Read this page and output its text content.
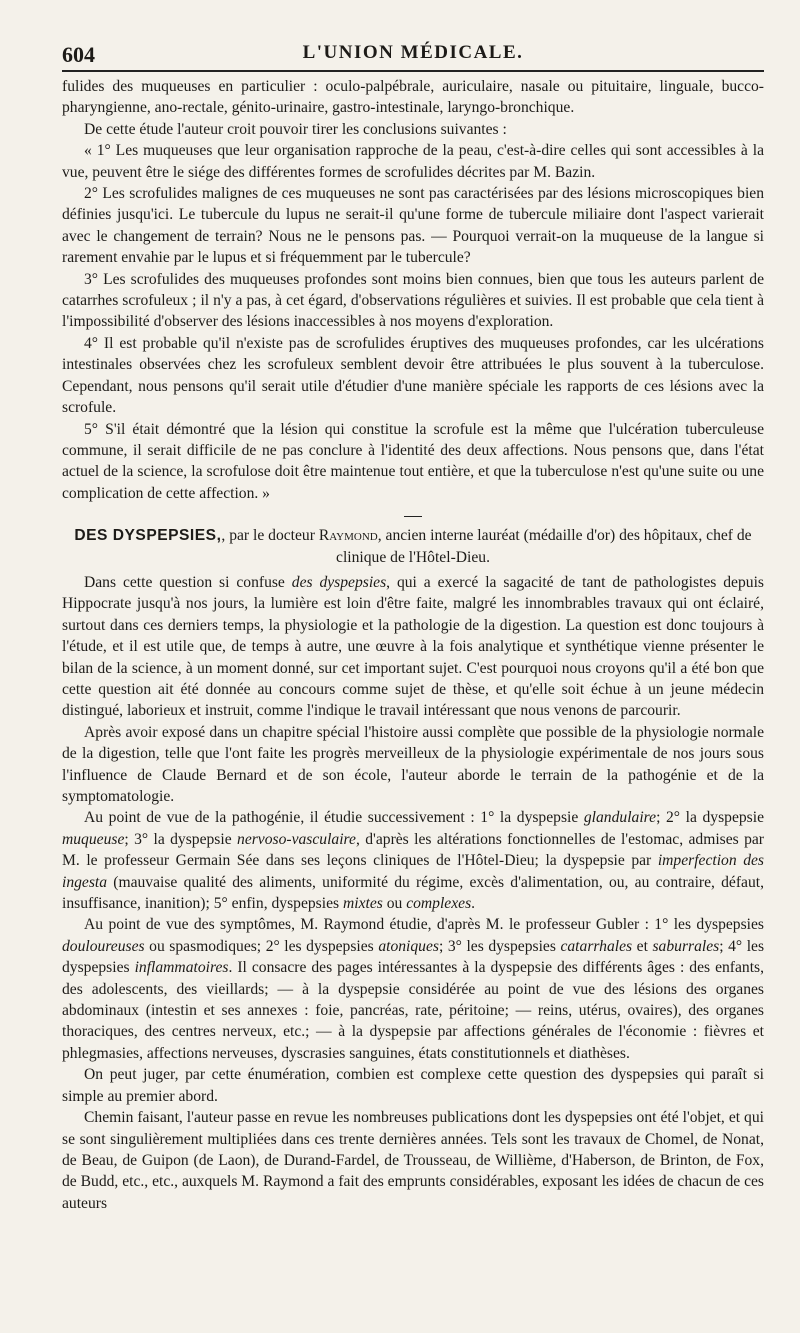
604	L'UNION MÉDICALE.

fulides des muqueuses en particulier : oculo-palpébrale, auriculaire, nasale ou pituitaire, linguale, bucco-pharyngienne, ano-rectale, génito-urinaire, gastro-intestinale, laryngo-bronchique.

De cette étude l'auteur croit pouvoir tirer les conclusions suivantes :

« 1° Les muqueuses que leur organisation rapproche de la peau, c'est-à-dire celles qui sont accessibles à la vue, peuvent être le siége des différentes formes de scrofulides décrites par M. Bazin.

2° Les scrofulides malignes de ces muqueuses ne sont pas caractérisées par des lésions microscopiques bien définies jusqu'ici. Le tubercule du lupus ne serait-il qu'une forme de tubercule miliaire dont l'aspect varierait avec le changement de terrain? Nous ne le pensons pas. — Pourquoi verrait-on la muqueuse de la langue si rarement envahie par le lupus et si fréquemment par le tubercule?

3° Les scrofulides des muqueuses profondes sont moins bien connues, bien que tous les auteurs parlent de catarrhes scrofuleux ; il n'y a pas, à cet égard, d'observations régulières et suivies. Il est probable que cela tient à l'impossibilité d'observer des lésions inaccessibles à nos moyens d'exploration.

4° Il est probable qu'il n'existe pas de scrofulides éruptives des muqueuses profondes, car les ulcérations intestinales observées chez les scrofuleux semblent devoir être attribuées le plus souvent à la tuberculose. Cependant, nous pensons qu'il serait utile d'étudier d'une manière spéciale les rapports de ces lésions avec la scrofule.

5° S'il était démontré que la lésion qui constitue la scrofule est la même que l'ulcération tuberculeuse commune, il serait difficile de ne pas conclure à l'identité des deux affections. Nous pensons que, dans l'état actuel de la science, la scrofulose doit être maintenue tout entière, et que la tuberculose n'est qu'une suite ou une complication de cette affection. »

DES DYSPEPSIES,, par le docteur Raymond, ancien interne lauréat (médaille d'or) des hôpitaux, chef de clinique de l'Hôtel-Dieu.

Dans cette question si confuse des dyspepsies, qui a exercé la sagacité de tant de pathologistes depuis Hippocrate jusqu'à nos jours, la lumière est loin d'être faite, malgré les innombrables travaux qui ont éclairé, surtout dans ces derniers temps, la physiologie et la pathologie de la digestion. La question est donc toujours à l'étude, et il est utile que, de temps à autre, une œuvre à la fois analytique et synthétique vienne présenter le bilan de la science, à un moment donné, sur cet important sujet. C'est pourquoi nous croyons qu'il a été bon que cette question ait été donnée au concours comme sujet de thèse, et qu'elle soit échue à un jeune médecin distingué, laborieux et instruit, comme l'indique le travail intéressant que nous venons de parcourir.

Après avoir exposé dans un chapitre spécial l'histoire aussi complète que possible de la physiologie normale de la digestion, telle que l'ont faite les progrès merveilleux de la physiologie expérimentale de nos jours sous l'influence de Claude Bernard et de son école, l'auteur aborde le terrain de la pathogénie et de la symptomatologie.

Au point de vue de la pathogénie, il étudie successivement : 1° la dyspepsie glandulaire; 2° la dyspepsie muqueuse; 3° la dyspepsie nervoso-vasculaire, d'après les altérations fonctionnelles de l'estomac, admises par M. le professeur Germain Sée dans ses leçons cliniques de l'Hôtel-Dieu; la dyspepsie par imperfection des ingesta (mauvaise qualité des aliments, uniformité du régime, excès d'alimentation, ou, au contraire, défaut, insuffisance, inanition); 5° enfin, dyspepsies mixtes ou complexes.

Au point de vue des symptômes, M. Raymond étudie, d'après M. le professeur Gubler : 1° les dyspepsies douloureuses ou spasmodiques; 2° les dyspepsies atoniques; 3° les dyspepsies catarrhales et saburrales; 4° les dyspepsies inflammatoires. Il consacre des pages intéressantes à la dyspepsie des différents âges : des enfants, des adolescents, des vieillards; — à la dyspepsie considérée au point de vue des lésions des organes abdominaux (intestin et ses annexes : foie, pancréas, rate, péritoine; — reins, utérus, ovaires), des organes thoraciques, des centres nerveux, etc.; — à la dyspepsie par affections générales de l'économie : fièvres et phlegmasies, affections nerveuses, dyscrasies sanguines, états constitutionnels et diathèses.

On peut juger, par cette énumération, combien est complexe cette question des dyspepsies qui paraît si simple au premier abord.

Chemin faisant, l'auteur passe en revue les nombreuses publications dont les dyspepsies ont été l'objet, et qui se sont singulièrement multipliées dans ces trente dernières années. Tels sont les travaux de Chomel, de Nonat, de Beau, de Guipon (de Laon), de Durand-Fardel, de Trousseau, de Willième, d'Haberson, de Brinton, de Fox, de Budd, etc., etc., auxquels M. Raymond a fait des emprunts considérables, exposant les idées de chacun de ces auteurs
